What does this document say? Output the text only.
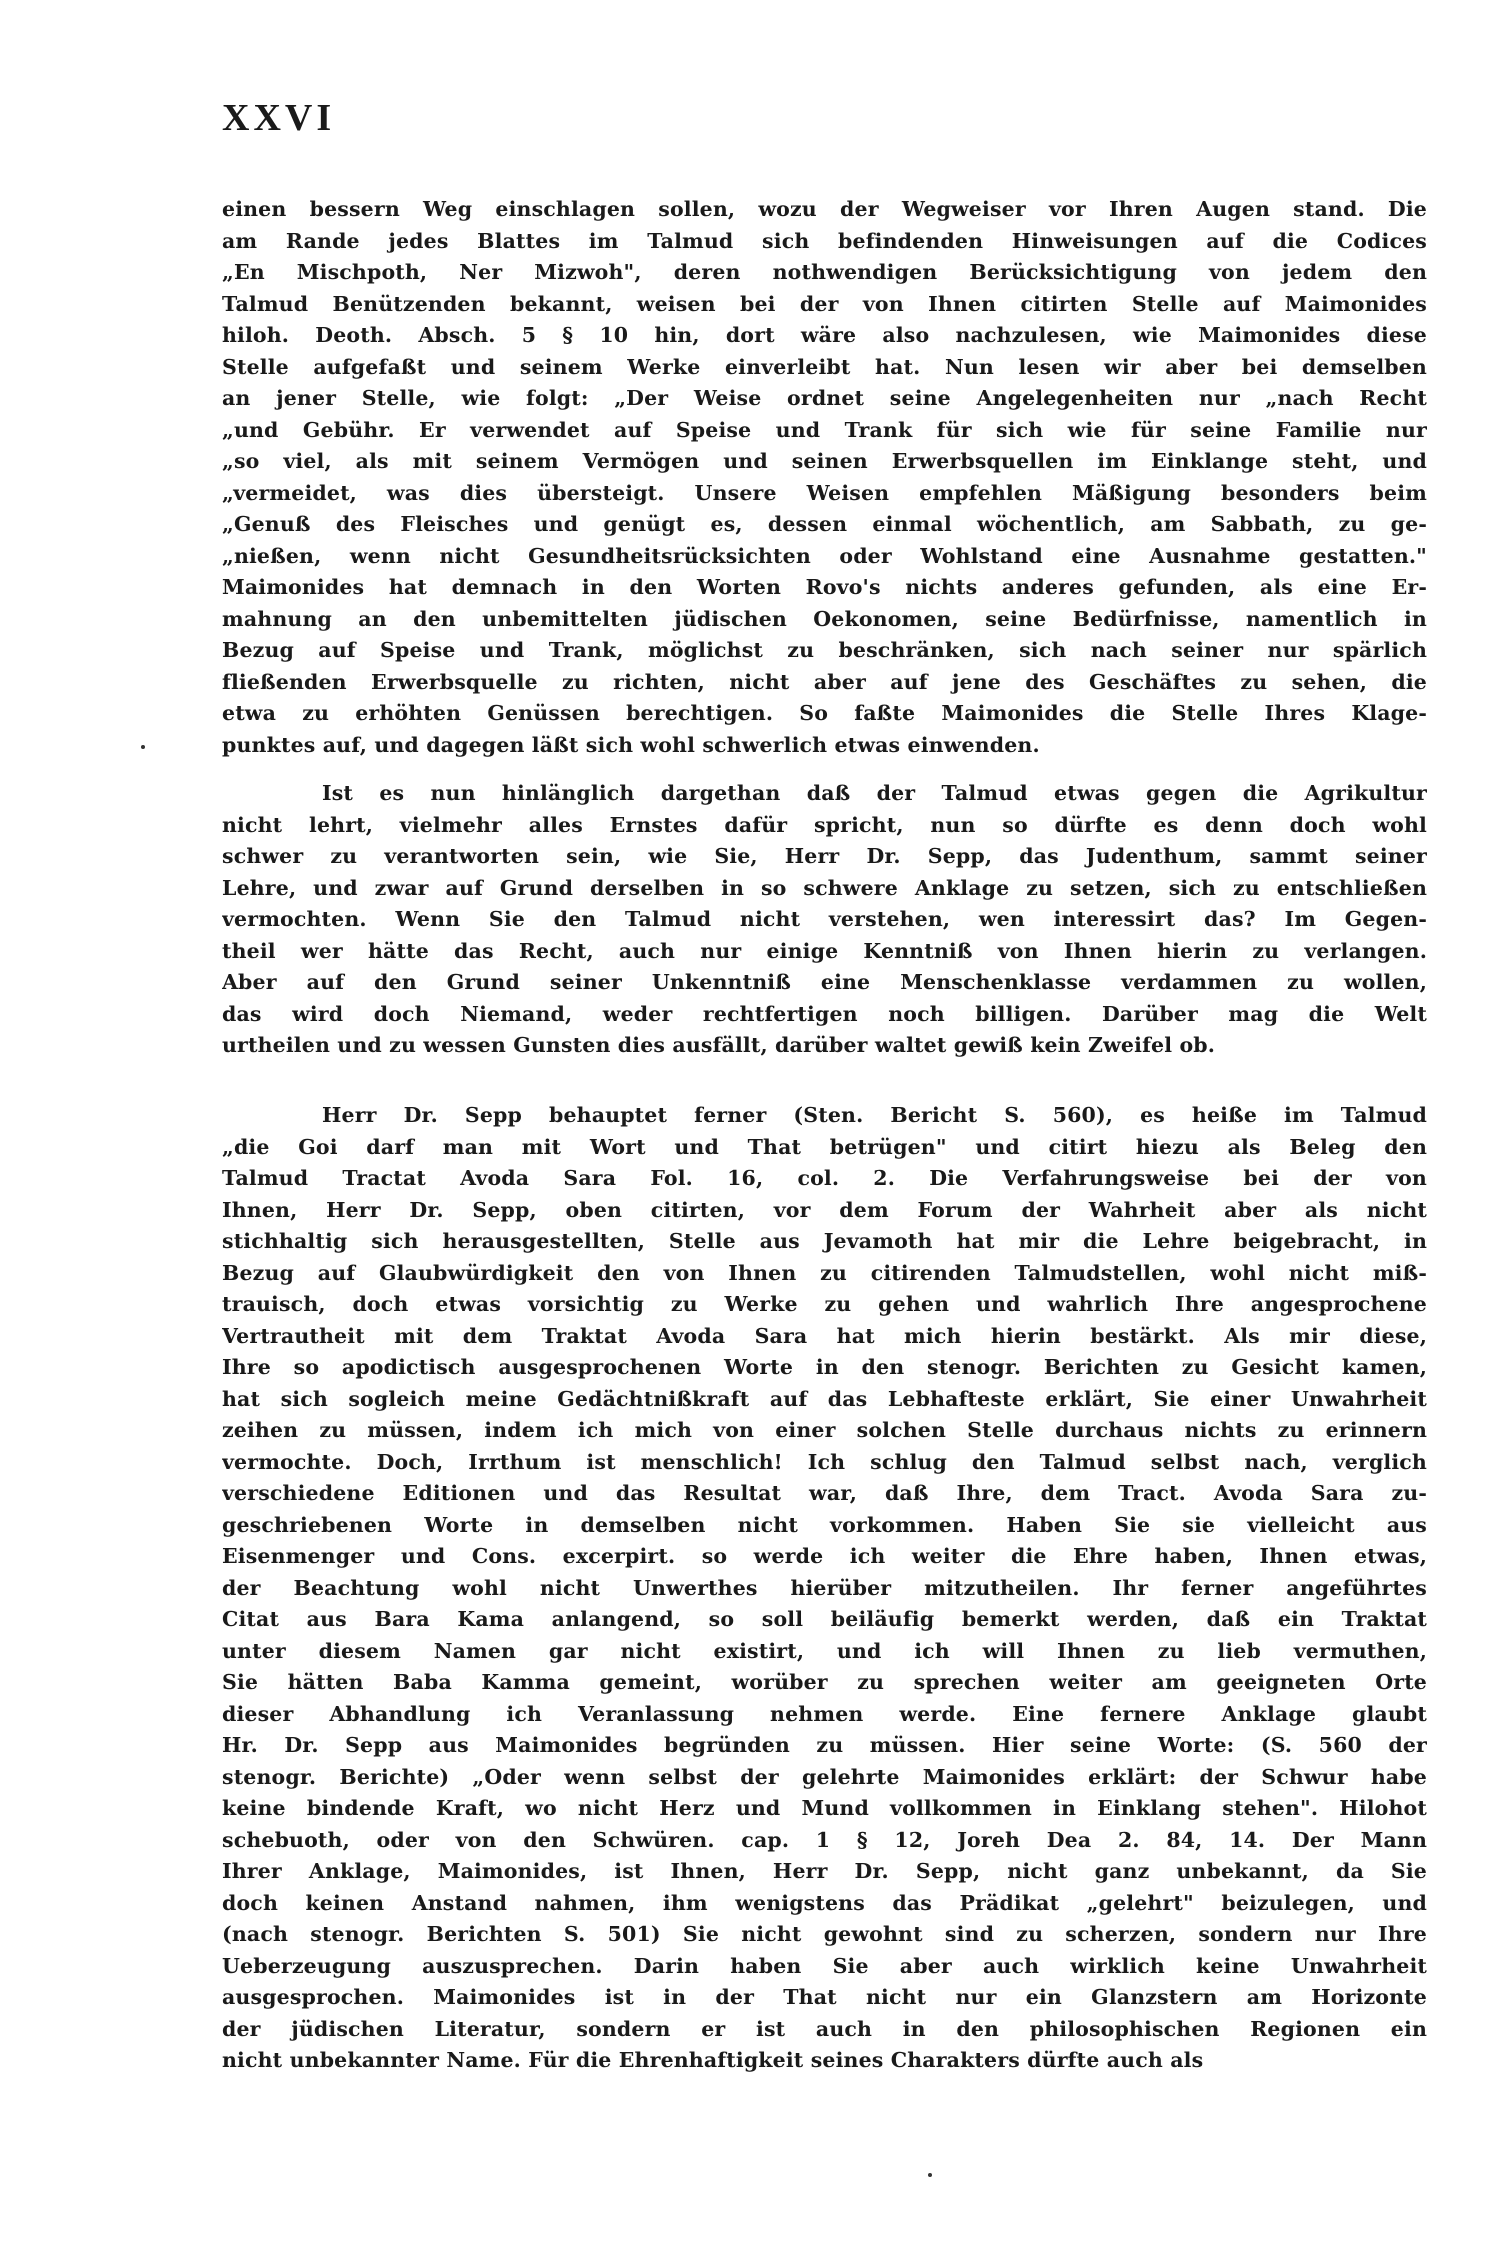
XXVI
einen bessern Weg einschlagen sollen, wozu der Wegweiser vor Ihren Augen stand. Die
am Rande jedes Blattes im Talmud sich befindenden Hinweisungen auf die Codices
„En Mischpoth, Ner Mizwoh", deren nothwendigen Berücksichtigung von jedem den
Talmud Benützenden bekannt, weisen bei der von Ihnen citirten Stelle auf Maimonides
hiloh. Deoth. Absch. 5 § 10 hin, dort wäre also nachzulesen, wie Maimonides diese
Stelle aufgefaßt und seinem Werke einverleibt hat. Nun lesen wir aber bei demselben
an jener Stelle, wie folgt: „Der Weise ordnet seine Angelegenheiten nur „nach Recht
„und Gebühr. Er verwendet auf Speise und Trank für sich wie für seine Familie nur
„so viel, als mit seinem Vermögen und seinen Erwerbsquellen im Einklange steht, und
„vermeidet, was dies übersteigt. Unsere Weisen empfehlen Mäßigung besonders beim
„Genuß des Fleisches und genügt es, dessen einmal wöchentlich, am Sabbath, zu ge-
„nießen, wenn nicht Gesundheitsrücksichten oder Wohlstand eine Ausnahme gestatten."
Maimonides hat demnach in den Worten Rovo's nichts anderes gefunden, als eine Er-
mahnung an den unbemittelten jüdischen Oekonomen, seine Bedürfnisse, namentlich in
Bezug auf Speise und Trank, möglichst zu beschränken, sich nach seiner nur spärlich
fließenden Erwerbsquelle zu richten, nicht aber auf jene des Geschäftes zu sehen, die
etwa zu erhöhten Genüssen berechtigen. So faßte Maimonides die Stelle Ihres Klage-
punktes auf, und dagegen läßt sich wohl schwerlich etwas einwenden.
Ist es nun hinlänglich dargethan daß der Talmud etwas gegen die Agrikultur
nicht lehrt, vielmehr alles Ernstes dafür spricht, nun so dürfte es denn doch wohl
schwer zu verantworten sein, wie Sie, Herr Dr. Sepp, das Judenthum, sammt seiner
Lehre, und zwar auf Grund derselben in so schwere Anklage zu setzen, sich zu entschließen
vermochten. Wenn Sie den Talmud nicht verstehen, wen interessirt das? Im Gegen-
theil wer hätte das Recht, auch nur einige Kenntniß von Ihnen hierin zu verlangen.
Aber auf den Grund seiner Unkenntniß eine Menschenklasse verdammen zu wollen,
das wird doch Niemand, weder rechtfertigen noch billigen. Darüber mag die Welt
urtheilen und zu wessen Gunsten dies ausfällt, darüber waltet gewiß kein Zweifel ob.
Herr Dr. Sepp behauptet ferner (Sten. Bericht S. 560), es heiße im Talmud
„die Goi darf man mit Wort und That betrügen" und citirt hiezu als Beleg den
Talmud Tractat Avoda Sara Fol. 16, col. 2. Die Verfahrungsweise bei der von
Ihnen, Herr Dr. Sepp, oben citirten, vor dem Forum der Wahrheit aber als nicht
stichhaltig sich herausgestellten, Stelle aus Jevamoth hat mir die Lehre beigebracht, in
Bezug auf Glaubwürdigkeit den von Ihnen zu citirenden Talmudstellen, wohl nicht miß-
trauisch, doch etwas vorsichtig zu Werke zu gehen und wahrlich Ihre angesprochene
Vertrautheit mit dem Traktat Avoda Sara hat mich hierin bestärkt. Als mir diese,
Ihre so apodictisch ausgesprochenen Worte in den stenogr. Berichten zu Gesicht kamen,
hat sich sogleich meine Gedächtnißkraft auf das Lebhafteste erklärt, Sie einer Unwahrheit
zeihen zu müssen, indem ich mich von einer solchen Stelle durchaus nichts zu erinnern
vermochte. Doch, Irrthum ist menschlich! Ich schlug den Talmud selbst nach, verglich
verschiedene Editionen und das Resultat war, daß Ihre, dem Tract. Avoda Sara zu-
geschriebenen Worte in demselben nicht vorkommen. Haben Sie sie vielleicht aus
Eisenmenger und Cons. excerpirt. so werde ich weiter die Ehre haben, Ihnen etwas,
der Beachtung wohl nicht Unwerthes hierüber mitzutheilen. Ihr ferner angeführtes
Citat aus Bara Kama anlangend, so soll beiläufig bemerkt werden, daß ein Traktat
unter diesem Namen gar nicht existirt, und ich will Ihnen zu lieb vermuthen,
Sie hätten Baba Kamma gemeint, worüber zu sprechen weiter am geeigneten Orte
dieser Abhandlung ich Veranlassung nehmen werde. Eine fernere Anklage glaubt
Hr. Dr. Sepp aus Maimonides begründen zu müssen. Hier seine Worte: (S. 560 der
stenogr. Berichte) „Oder wenn selbst der gelehrte Maimonides erklärt: der Schwur habe
keine bindende Kraft, wo nicht Herz und Mund vollkommen in Einklang stehen". Hilohot
schebuoth, oder von den Schwüren. cap. 1 § 12, Joreh Dea 2. 84, 14. Der Mann
Ihrer Anklage, Maimonides, ist Ihnen, Herr Dr. Sepp, nicht ganz unbekannt, da Sie
doch keinen Anstand nahmen, ihm wenigstens das Prädikat „gelehrt" beizulegen, und
(nach stenogr. Berichten S. 501) Sie nicht gewohnt sind zu scherzen, sondern nur Ihre
Ueberzeugung auszusprechen. Darin haben Sie aber auch wirklich keine Unwahrheit
ausgesprochen. Maimonides ist in der That nicht nur ein Glanzstern am Horizonte
der jüdischen Literatur, sondern er ist auch in den philosophischen Regionen ein
nicht unbekannter Name. Für die Ehrenhaftigkeit seines Charakters dürfte auch als
